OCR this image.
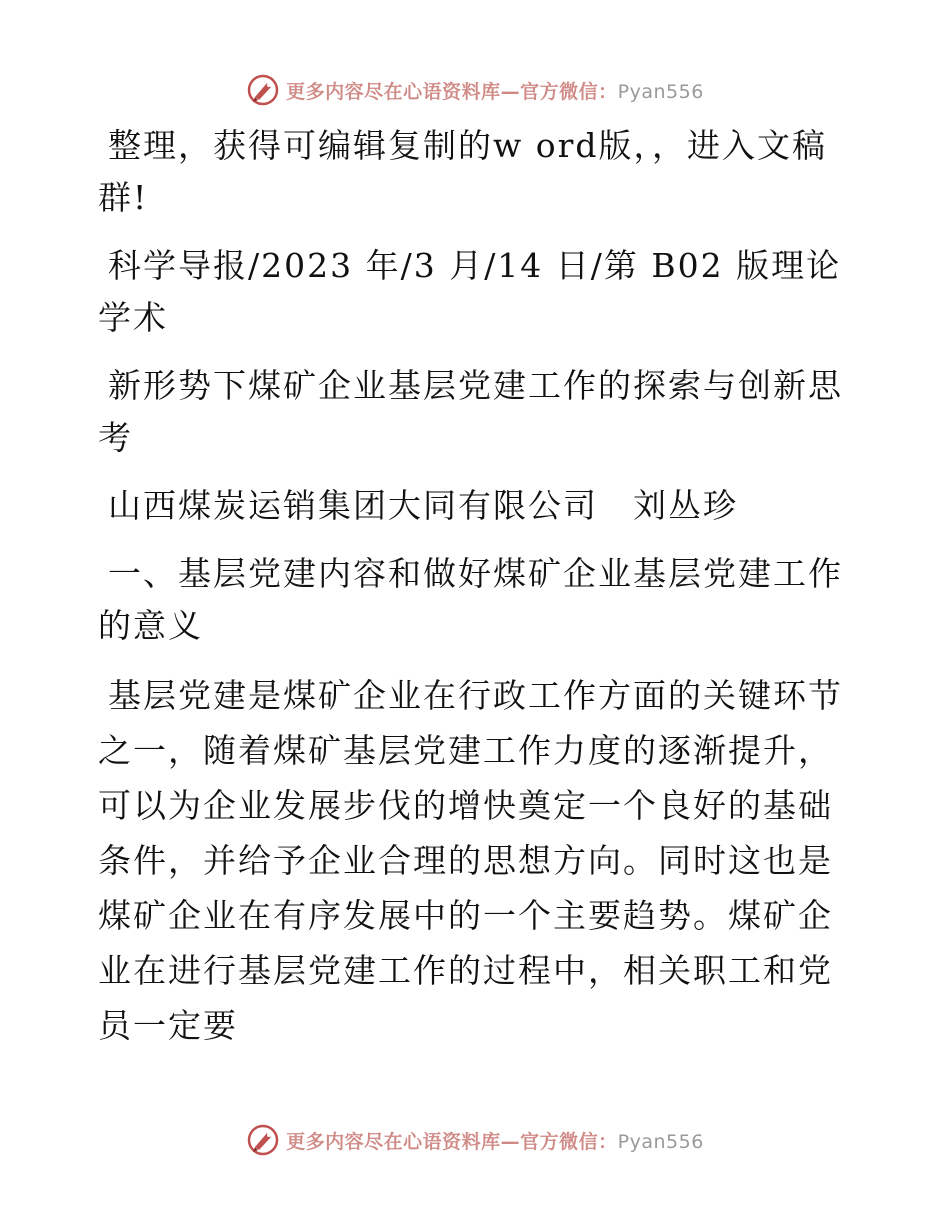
更多内容尽在心语资料库—官方微信：Pyan556

整理，获得可编辑复制的w ord版，，进入文稿群!

科学导报/2023 年/3 月/14 日/第 B02 版理论学术

新形势下煤矿企业基层党建工作的探索与创新思考

山西煤炭运销集团大同有限公司　刘丛珍

一、基层党建内容和做好煤矿企业基层党建工作的意义

基层党建是煤矿企业在行政工作方面的关键环节之一，随着煤矿基层党建工作力度的逐渐提升，可以为企业发展步伐的增快奠定一个良好的基础条件，并给予企业合理的思想方向。同时这也是煤矿企业在有序发展中的一个主要趋势。煤矿企业在进行基层党建工作的过程中，相关职工和党员一定要

更多内容尽在心语资料库—官方微信：Pyan556
